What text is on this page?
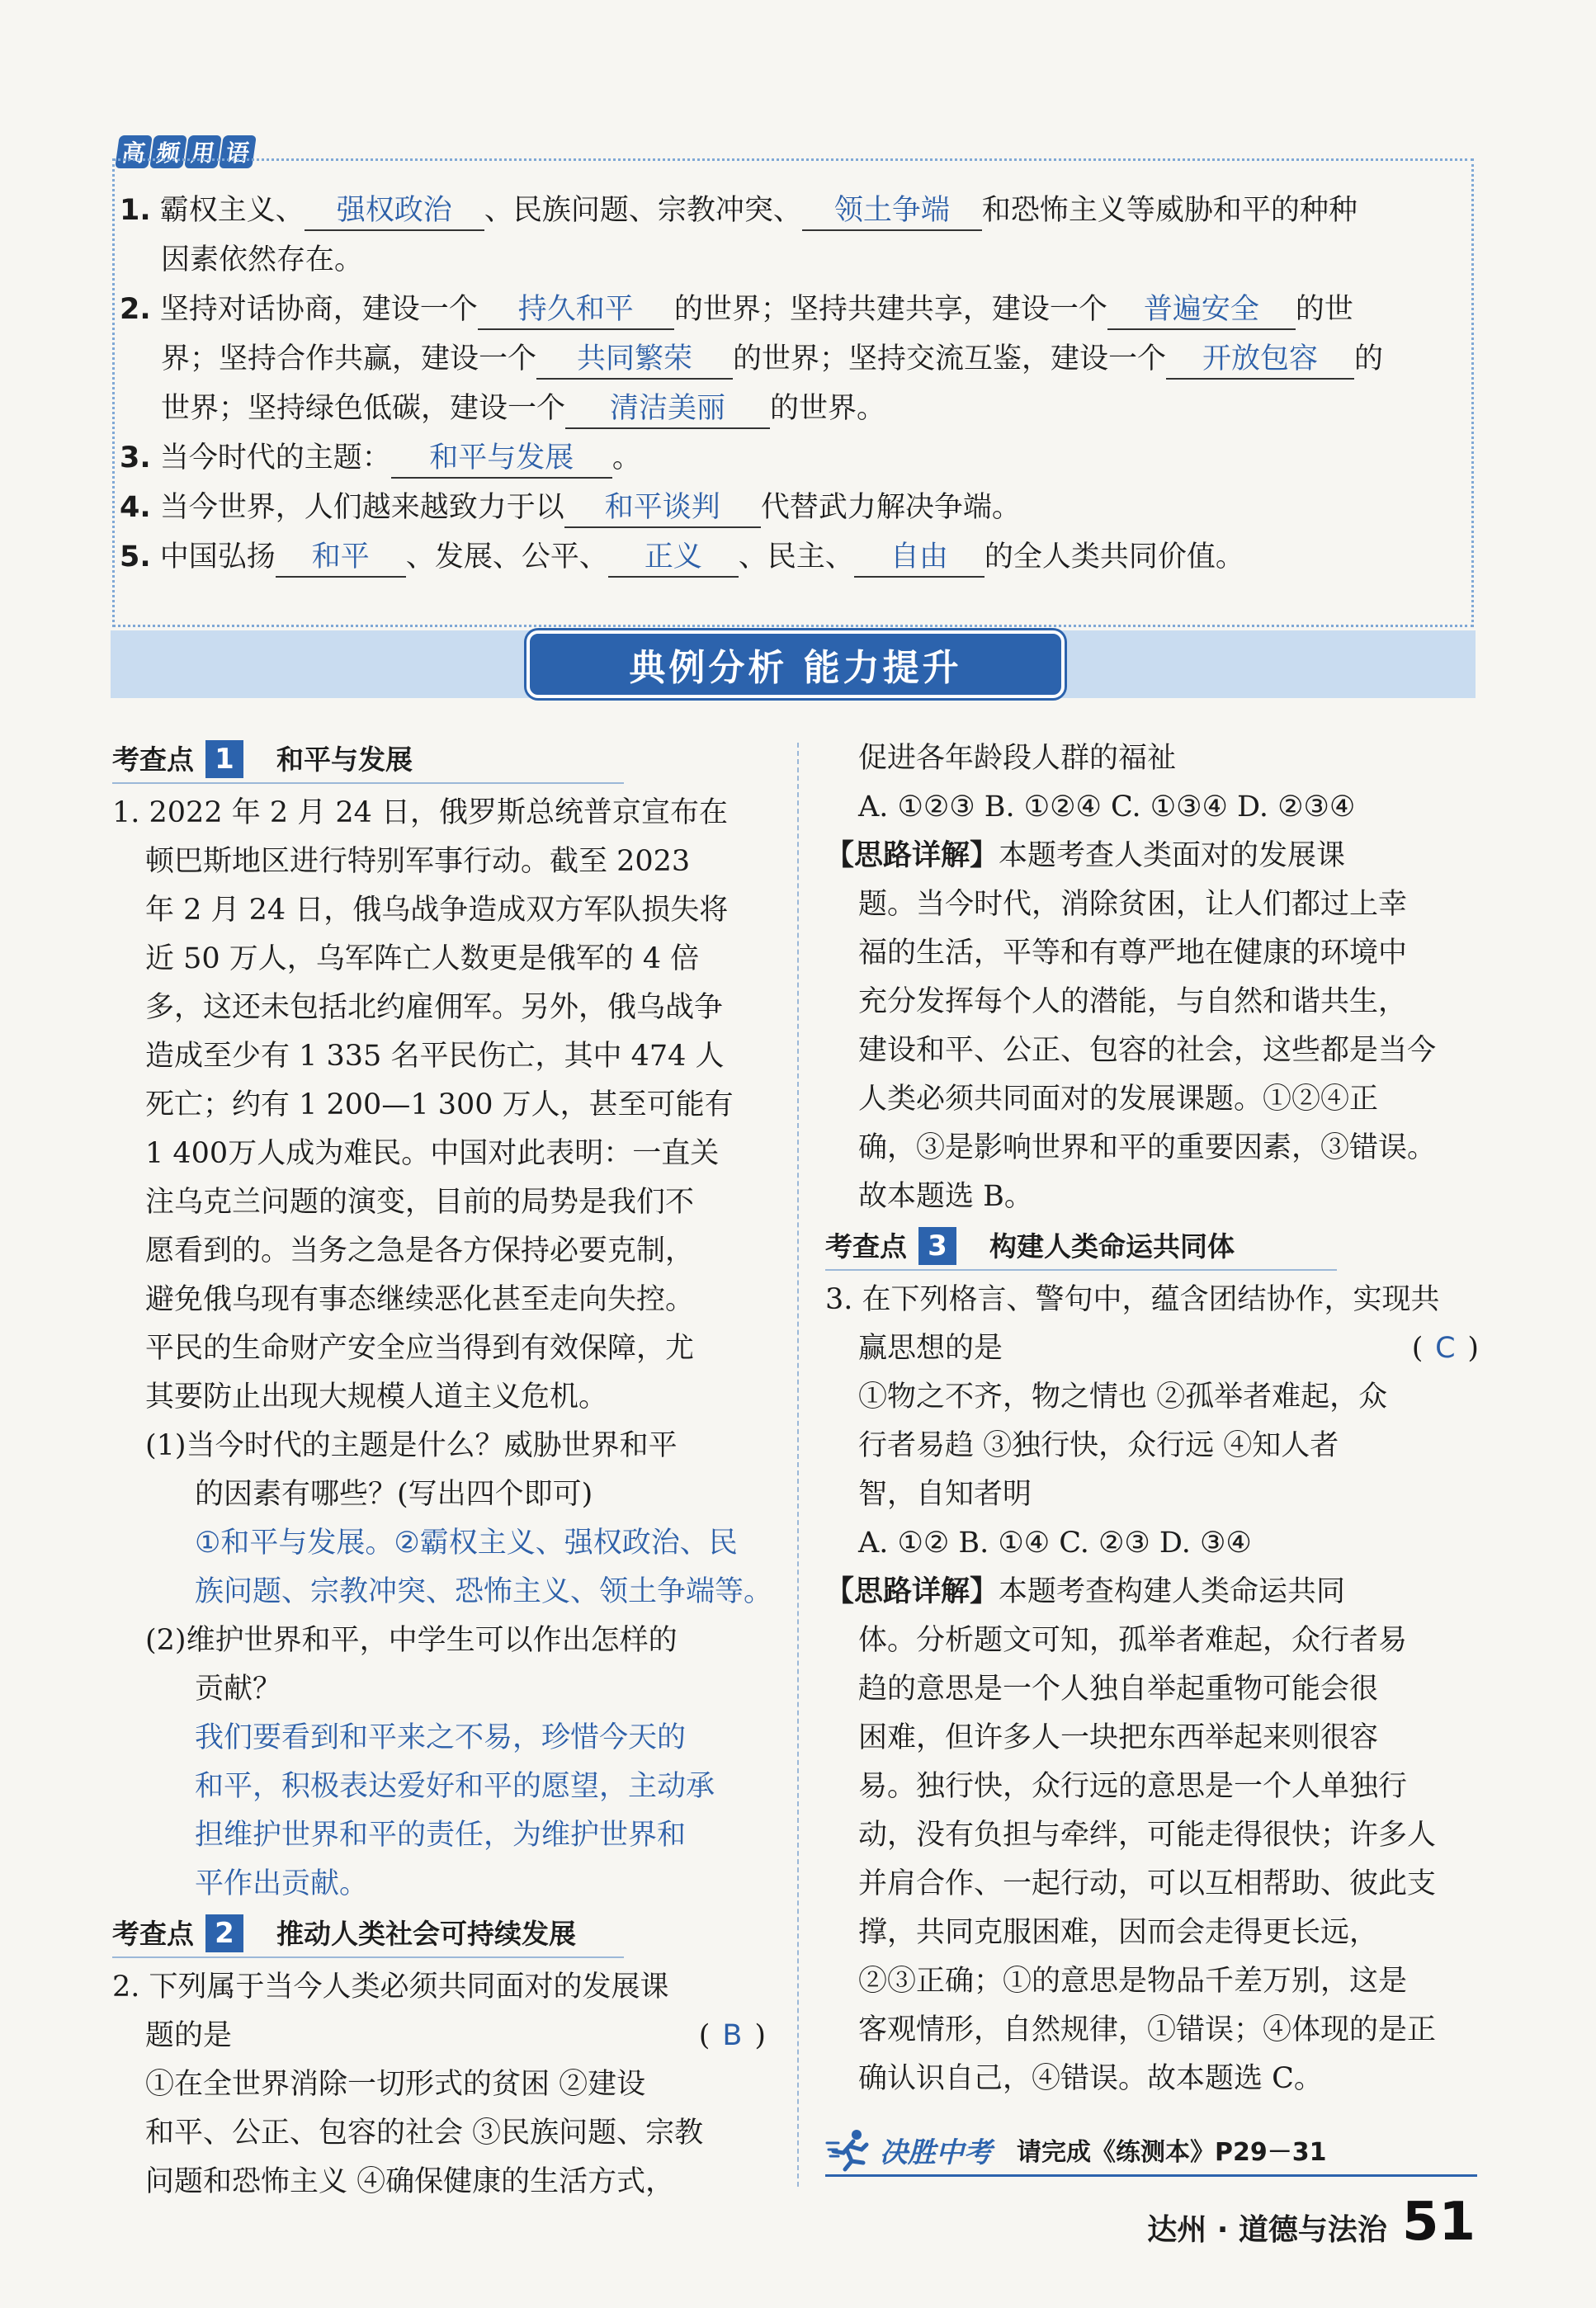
高 频 用 语

1. 霸权主义、 强权政治 、民族问题、宗教冲突、 领土争端 和恐怖主义等威胁和平的种种

因素依然存在。

2. 坚持对话协商，建设一个 持久和平 的世界；坚持共建共享，建设一个 普遍安全 的世

界；坚持合作共赢，建设一个 共同繁荣 的世界；坚持交流互鉴，建设一个 开放包容 的

世界；坚持绿色低碳，建设一个 清洁美丽 的世界。

3. 当今时代的主题： 和平与发展 。

4. 当今世界，人们越来越致力于以 和平谈判 代替武力解决争端。

5. 中国弘扬 和平 、发展、公平、 正义 、民主、 自由 的全人类共同价值。

典例分析 能力提升
考查点 1	和平与发展

1. 2022 年 2 月 24 日，俄罗斯总统普京宣布在

顿巴斯地区进行特别军事行动。截至 2023

年 2 月 24 日，俄乌战争造成双方军队损失将

近 50 万人，乌军阵亡人数更是俄军的 4 倍

多，这还未包括北约雇佣军。另外，俄乌战争

造成至少有 1 335 名平民伤亡，其中 474 人

死亡；约有 1 200—1 300 万人，甚至可能有

1 400万人成为难民。中国对此表明：一直关

注乌克兰问题的演变，目前的局势是我们不

愿看到的。当务之急是各方保持必要克制，

避免俄乌现有事态继续恶化甚至走向失控。

平民的生命财产安全应当得到有效保障，尤

其要防止出现大规模人道主义危机。

(1)当今时代的主题是什么？威胁世界和平

的因素有哪些？(写出四个即可)

①和平与发展。②霸权主义、强权政治、民

族问题、宗教冲突、恐怖主义、领土争端等。

(2)维护世界和平，中学生可以作出怎样的

贡献？

我们要看到和平来之不易，珍惜今天的

和平，积极表达爱好和平的愿望，主动承

担维护世界和平的责任，为维护世界和

平作出贡献。

考查点 2	推动人类社会可持续发展

2. 下列属于当今人类必须共同面对的发展课

题的是	( B )

①在全世界消除一切形式的贫困 ②建设

和平、公正、包容的社会 ③民族问题、宗教

问题和恐怖主义 ④确保健康的生活方式，

促进各年龄段人群的福祉

A. ①②③ B. ①②④ C. ①③④ D. ②③④

【思路详解】本题考查人类面对的发展课

题。当今时代，消除贫困，让人们都过上幸

福的生活，平等和有尊严地在健康的环境中

充分发挥每个人的潜能，与自然和谐共生，

建设和平、公正、包容的社会，这些都是当今

人类必须共同面对的发展课题。①②④正

确，③是影响世界和平的重要因素，③错误。

故本题选 B。

考查点 3	构建人类命运共同体

3. 在下列格言、警句中，蕴含团结协作，实现共

赢思想的是	( C )

①物之不齐，物之情也 ②孤举者难起，众

行者易趋 ③独行快，众行远 ④知人者

智，自知者明

A. ①② B. ①④ C. ②③ D. ③④

【思路详解】本题考查构建人类命运共同

体。分析题文可知，孤举者难起，众行者易

趋的意思是一个人独自举起重物可能会很

困难，但许多人一块把东西举起来则很容

易。独行快，众行远的意思是一个人单独行

动，没有负担与牵绊，可能走得很快；许多人

并肩合作、一起行动，可以互相帮助、彼此支

撑，共同克服困难，因而会走得更长远，

②③正确；①的意思是物品千差万别，这是

客观情形，自然规律，①错误；④体现的是正

确认识自己，④错误。故本题选 C。

决胜中考 请完成《练测本》P29－31
达州 · 道德与法治 51
